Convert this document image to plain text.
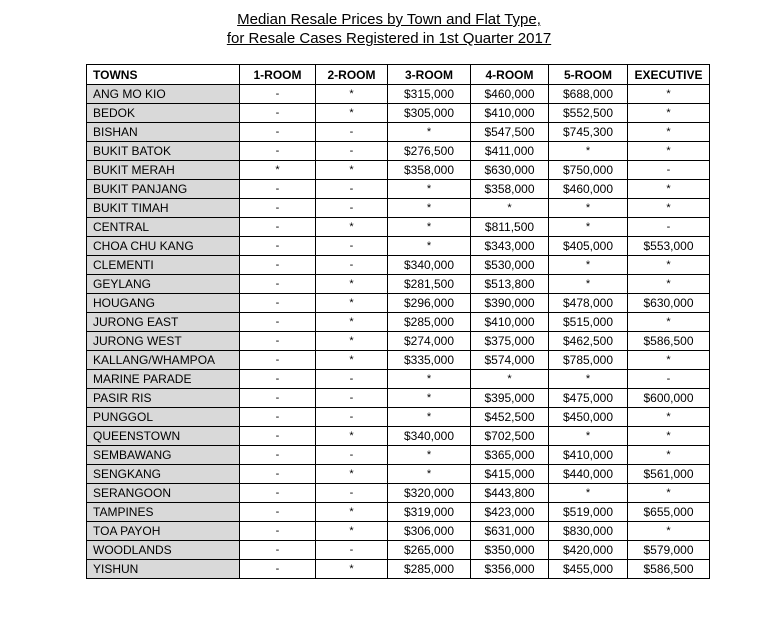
Median Resale Prices by Town and Flat Type,
for Resale Cases Registered in 1st Quarter 2017
TOWNS	1-ROOM	2-ROOM	3-ROOM	4-ROOM	5-ROOM	EXECUTIVE
ANG MO KIO	-	*	$315,000	$460,000	$688,000	*
BEDOK	-	*	$305,000	$410,000	$552,500	*
BISHAN	-	-	*	$547,500	$745,300	*
BUKIT BATOK	-	-	$276,500	$411,000	*	*
BUKIT MERAH	*	*	$358,000	$630,000	$750,000	-
BUKIT PANJANG	-	-	*	$358,000	$460,000	*
BUKIT TIMAH	-	-	*	*	*	*
CENTRAL	-	*	*	$811,500	*	-
CHOA CHU KANG	-	-	*	$343,000	$405,000	$553,000
CLEMENTI	-	-	$340,000	$530,000	*	*
GEYLANG	-	*	$281,500	$513,800	*	*
HOUGANG	-	*	$296,000	$390,000	$478,000	$630,000
JURONG EAST	-	*	$285,000	$410,000	$515,000	*
JURONG WEST	-	*	$274,000	$375,000	$462,500	$586,500
KALLANG/WHAMPOA	-	*	$335,000	$574,000	$785,000	*
MARINE PARADE	-	-	*	*	*	-
PASIR RIS	-	-	*	$395,000	$475,000	$600,000
PUNGGOL	-	-	*	$452,500	$450,000	*
QUEENSTOWN	-	*	$340,000	$702,500	*	*
SEMBAWANG	-	-	*	$365,000	$410,000	*
SENGKANG	-	*	*	$415,000	$440,000	$561,000
SERANGOON	-	-	$320,000	$443,800	*	*
TAMPINES	-	*	$319,000	$423,000	$519,000	$655,000
TOA PAYOH	-	*	$306,000	$631,000	$830,000	*
WOODLANDS	-	-	$265,000	$350,000	$420,000	$579,000
YISHUN	-	*	$285,000	$356,000	$455,000	$586,500
